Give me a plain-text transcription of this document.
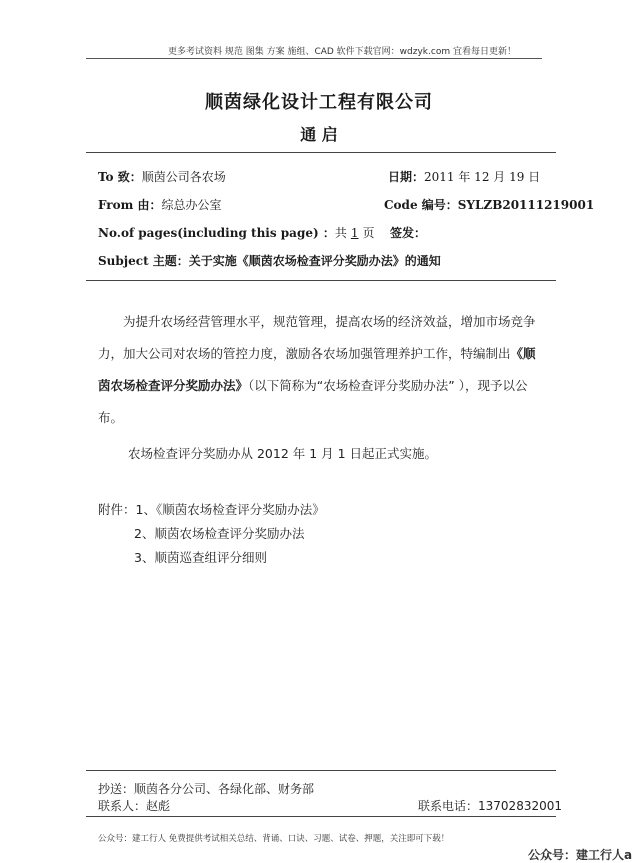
更多考试资料 规范 图集 方案 施组、CAD 软件下载官网：wdzyk.com 宜看每日更新！
顺茵绿化设计工程有限公司
通 启
To 致：顺茵公司各农场	日期：2011 年 12 月 19 日
From 由：综总办公室	Code 编号：SYLZB20111219001
No.of pages(including this page) ：共 1 页 签发：
Subject 主题：关于实施《顺茵农场检查评分奖励办法》的通知
为提升农场经营管理水平，规范管理，提高农场的经济效益，增加市场竞争力，加大公司对农场的管控力度，激励各农场加强管理养护工作，特编制出《顺茵农场检查评分奖励办法》（以下简称为“农场检查评分奖励办法” ），现予以公布。
农场检查评分奖励办从 2012 年 1 月 1 日起正式实施。
附件：1、《顺茵农场检查评分奖励办法》
2、顺茵农场检查评分奖励办法
3、顺茵巡查组评分细则
抄送：顺茵各分公司、各绿化部、财务部
联系人：赵彪	联系电话：13702832001
公众号：建工行人 免费提供考试相关总结、背诵、口诀、习题、试卷、押题，关注即可下载！
公众号：建工行人a
